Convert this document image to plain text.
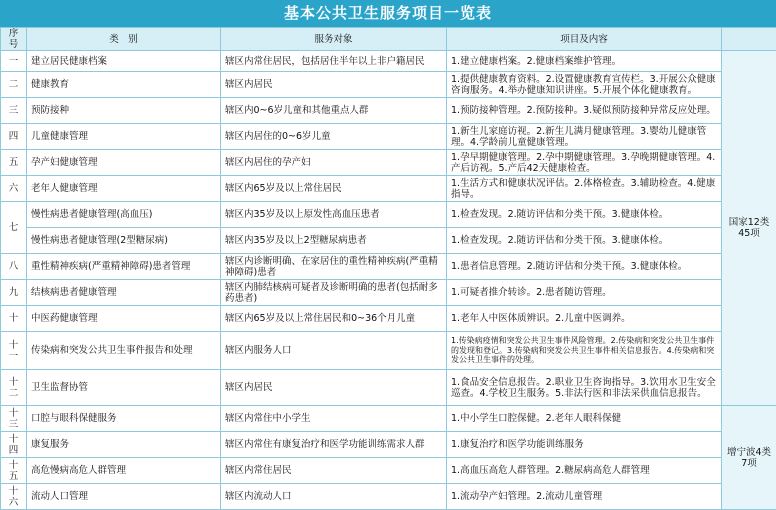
基本公共卫生服务项目一览表
序号	类　别	服务对象	项目及内容	
一	建立居民健康档案	辖区内常住居民，包括居住半年以上非户籍居民	1.建立健康档案。2.健康档案维护管理。	国家12类45项
二	健康教育	辖区内居民	1.提供健康教育资料。2.设置健康教育宣传栏。3.开展公众健康咨询服务。4.举办健康知识讲座。5.开展个体化健康教育。	
三	预防接种	辖区内0~6岁儿童和其他重点人群	1.预防接种管理。2.预防接种。3.疑似预防接种异常反应处理。	
四	儿童健康管理	辖区内居住的0~6岁儿童	1.新生儿家庭访视。2.新生儿满月健康管理。3.婴幼儿健康管理。4.学龄前儿童健康管理。	
五	孕产妇健康管理	辖区内居住的孕产妇	1.孕早期健康管理。2.孕中期健康管理。3.孕晚期健康管理。4.产后访视。5.产后42天健康检查。	
六	老年人健康管理	辖区内65岁及以上常住居民	1.生活方式和健康状况评估。2.体格检查。3.辅助检查。4.健康指导。	
七	慢性病患者健康管理(高血压)	辖区内35岁及以上原发性高血压患者	1.检查发现。2.随访评估和分类干预。3.健康体检。	
	慢性病患者健康管理(2型糖尿病)	辖区内35岁及以上2型糖尿病患者	1.检查发现。2.随访评估和分类干预。3.健康体检。	
八	重性精神疾病(严重精神障碍)患者管理	辖区内诊断明确、在家居住的重性精神疾病(严重精神障碍)患者	1.患者信息管理。2.随访评估和分类干预。3.健康体检。	
九	结核病患者健康管理	辖区内肺结核病可疑者及诊断明确的患者(包括耐多药患者)	1.可疑者推介转诊。2.患者随访管理。	
十	中医药健康管理	辖区内65岁及以上常住居民和0~36个月儿童	1.老年人中医体质辨识。2.儿童中医调养。	
十一	传染病和突发公共卫生事件报告和处理	辖区内服务人口	1.传染病疫情和突发公共卫生事件风险管理。2.传染病和突发公共卫生事件的发现和登记。3.传染病和突发公共卫生事件相关信息报告。4.传染病和突发公共卫生事件的处理。	
十二	卫生监督协管	辖区内居民	1.食品安全信息报告。2.职业卫生咨询指导。3.饮用水卫生安全巡查。4.学校卫生服务。5.非法行医和非法采供血信息报告。	
十三	口腔与眼科保健服务	辖区内常住中小学生	1.中小学生口腔保健。2.老年人眼科保健	增宁波4类7项
十四	康复服务	辖区内常住有康复治疗和医学功能训练需求人群	1.康复治疗和医学功能训练服务	
十五	高危慢病高危人群管理	辖区内常住居民	1.高血压高危人群管理。2.糖尿病高危人群管理	
十六	流动人口管理	辖区内流动人口	1.流动孕产妇管理。2.流动儿童管理	
